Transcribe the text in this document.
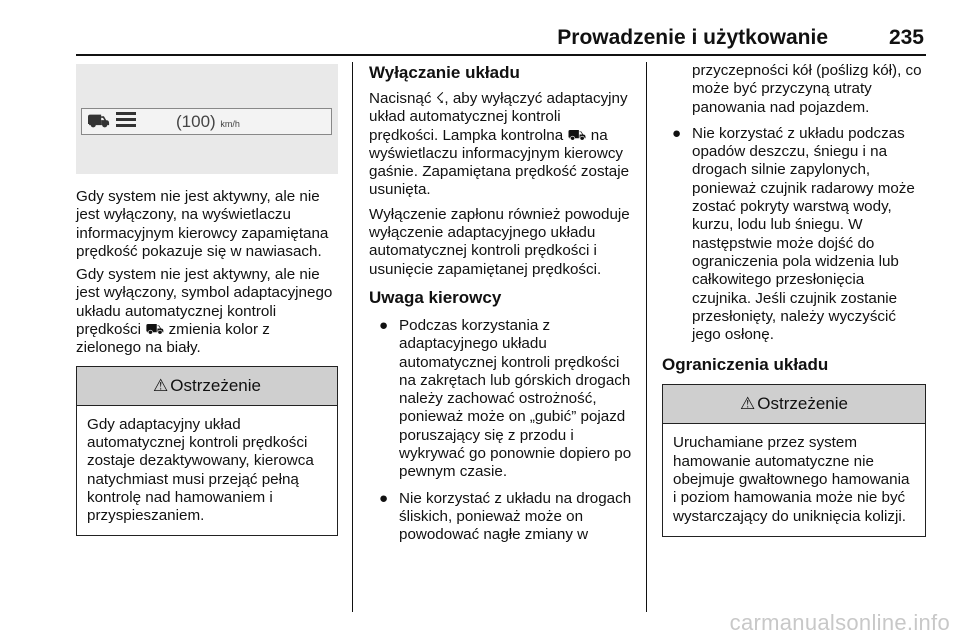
Prowadzenie i użytkowanie	235
⛟	(100) km/h

Gdy system nie jest aktywny, ale nie jest wyłączony, na wyświetlaczu informacyjnym kierowcy zapamiętana prędkość pokazuje się w nawiasach.

Gdy system nie jest aktywny, ale nie jest wyłączony, symbol adaptacyjnego układu automatycznej kontroli prędkości ⛟ zmienia kolor z zielonego na biały.

⚠ Ostrzeżenie
Gdy adaptacyjny układ automatycznej kontroli prędkości zostaje dezaktywowany, kierowca natychmiast musi przejąć pełną kontrolę nad hamowaniem i przyspieszaniem.
Wyłączanie układu

Nacisnąć ☇, aby wyłączyć adaptacyjny układ automatycznej kontroli prędkości. Lampka kontrolna ⛟ na wyświetlaczu informacyjnym kierowcy gaśnie. Zapamiętana prędkość zostaje usunięta.

Wyłączenie zapłonu również powoduje wyłączenie adaptacyjnego układu automatycznej kontroli prędkości i usunięcie zapamiętanej prędkości.

Uwaga kierowcy
● Podczas korzystania z adaptacyjnego układu automatycznej kontroli prędkości na zakrętach lub górskich drogach należy zachować ostrożność, ponieważ może on „gubić” pojazd poruszający się z przodu i wykrywać go ponownie dopiero po pewnym czasie.
● Nie korzystać z układu na drogach śliskich, ponieważ może on powodować nagłe zmiany w
przyczepności kół (poślizg kół), co może być przyczyną utraty panowania nad pojazdem.
● Nie korzystać z układu podczas opadów deszczu, śniegu i na drogach silnie zapylonych, ponieważ czujnik radarowy może zostać pokryty warstwą wody, kurzu, lodu lub śniegu. W następstwie może dojść do ograniczenia pola widzenia lub całkowitego przesłonięcia czujnika. Jeśli czujnik zostanie przesłonięty, należy wyczyścić jego osłonę.
Ograniczenia układu
⚠ Ostrzeżenie
Uruchamiane przez system hamowanie automatyczne nie obejmuje gwałtownego hamowania i poziom hamowania może nie być wystarczający do uniknięcia kolizji.
carmanualsonline.info
